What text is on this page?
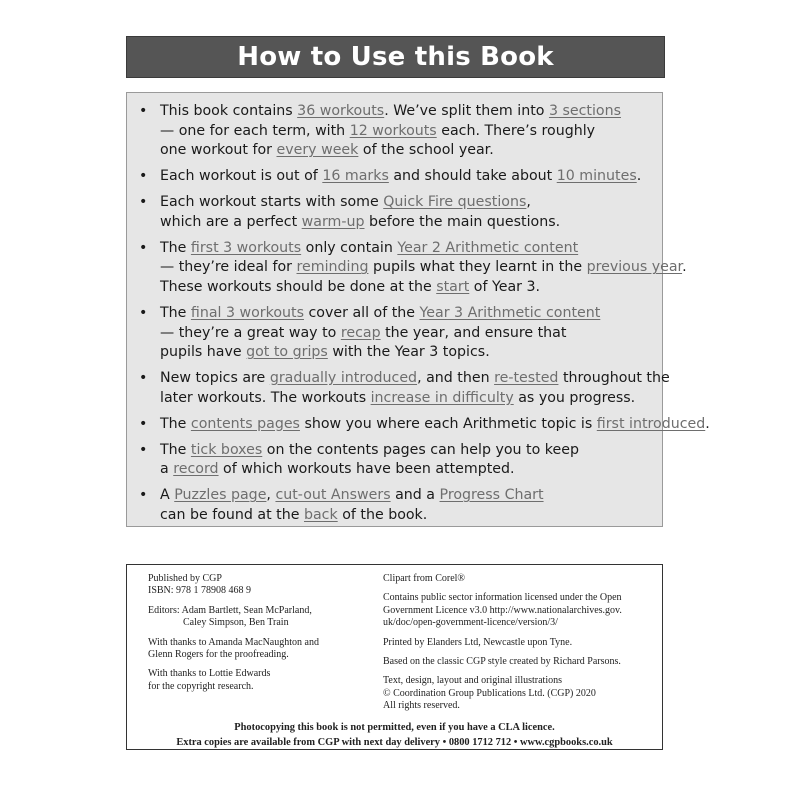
How to Use this Book
• This book contains 36 workouts. We’ve split them into 3 sections
— one for each term, with 12 workouts each. There’s roughly
one workout for every week of the school year.
• Each workout is out of 16 marks and should take about 10 minutes.
• Each workout starts with some Quick Fire questions,
which are a perfect warm-up before the main questions.
• The first 3 workouts only contain Year 2 Arithmetic content
— they’re ideal for reminding pupils what they learnt in the previous year.
These workouts should be done at the start of Year 3.
• The final 3 workouts cover all of the Year 3 Arithmetic content
— they’re a great way to recap the year, and ensure that
pupils have got to grips with the Year 3 topics.
• New topics are gradually introduced, and then re-tested throughout the
later workouts. The workouts increase in difficulty as you progress.
• The contents pages show you where each Arithmetic topic is first introduced.
• The tick boxes on the contents pages can help you to keep
a record of which workouts have been attempted.
• A Puzzles page, cut-out Answers and a Progress Chart
can be found at the back of the book.
Published by CGP
ISBN: 978 1 78908 468 9
Editors: Adam Bartlett, Sean McParland,
Caley Simpson, Ben Train
With thanks to Amanda MacNaughton and
Glenn Rogers for the proofreading.
With thanks to Lottie Edwards
for the copyright research.
Clipart from Corel®
Contains public sector information licensed under the Open
Government Licence v3.0 http://www.nationalarchives.gov.
uk/doc/open-government-licence/version/3/
Printed by Elanders Ltd, Newcastle upon Tyne.
Based on the classic CGP style created by Richard Parsons.
Text, design, layout and original illustrations
© Coordination Group Publications Ltd. (CGP) 2020
All rights reserved.
Photocopying this book is not permitted, even if you have a CLA licence.
Extra copies are available from CGP with next day delivery • 0800 1712 712 • www.cgpbooks.co.uk
